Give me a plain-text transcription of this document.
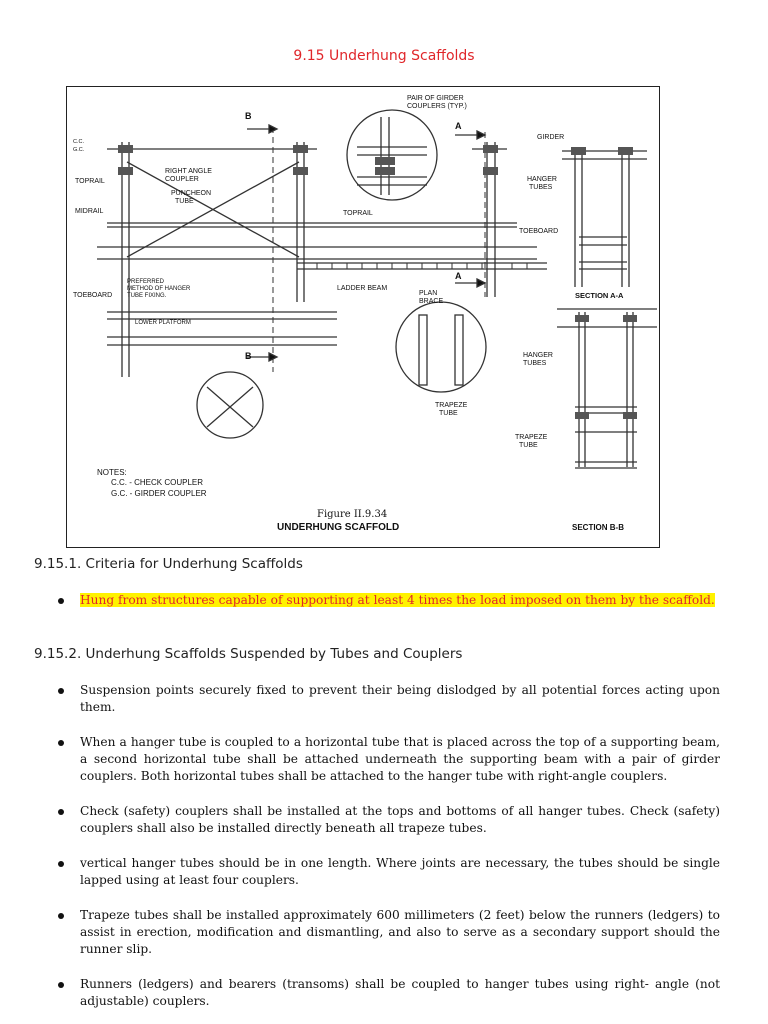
9.15 Underhung Scaffolds
B
B
A
A
PAIR OF GIRDER
COUPLERS (TYP.)
RIGHT ANGLE
COUPLER
PUNCHEON
TUBE
TOPRAIL
TOPRAIL
MIDRAIL
TOEBOARD
TOEBOARD
PREFERRED
METHOD OF HANGER
TUBE FIXING.
LOWER PLATFORM
LADDER BEAM
PLAN
BRACE
GIRDER
HANGER
TUBES
SECTION A-A
HANGER
TUBES
TRAPEZE
TUBE
TRAPEZE
TUBE
SECTION B-B
C.C.
G.C.
NOTES:
C.C. - CHECK COUPLER
G.C. - GIRDER COUPLER
Figure II.9.34
UNDERHUNG SCAFFOLD
9.15.1. Criteria for Underhung Scaffolds
Hung from structures capable of supporting at least 4 times the load imposed on them by the scaffold.
9.15.2. Underhung Scaffolds Suspended by Tubes and Couplers
Suspension points securely fixed to prevent their being dislodged by all potential forces acting upon them.
When a hanger tube is coupled to a horizontal tube that is placed across the top of a supporting beam, a second horizontal tube shall be attached underneath the supporting beam with a pair of girder couplers. Both horizontal tubes shall be attached to the hanger tube with right-angle couplers.
Check (safety) couplers shall be installed at the tops and bottoms of all hanger tubes. Check (safety) couplers shall also be installed directly beneath all trapeze tubes.
vertical hanger tubes should be in one length. Where joints are necessary, the tubes should be single lapped using at least four couplers.
Trapeze tubes shall be installed approximately 600 millimeters (2 feet) below the runners (ledgers) to assist in erection, modification and dismantling, and also to serve as a secondary support should the runner slip.
Runners (ledgers) and bearers (transoms) shall be coupled to hanger tubes using right- angle (not adjustable) couplers.
